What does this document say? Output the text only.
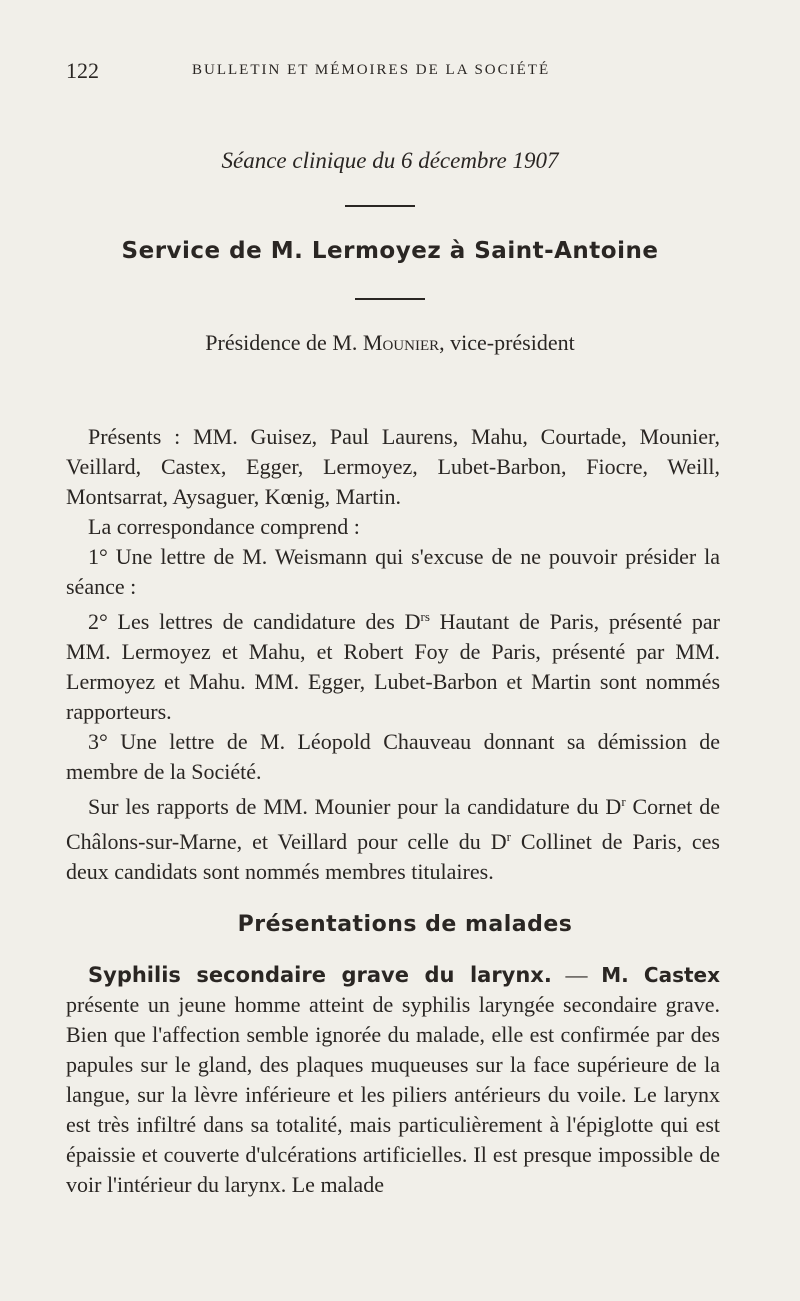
122	BULLETIN ET MÉMOIRES DE LA SOCIÉTÉ
Séance clinique du 6 décembre 1907
Service de M. Lermoyez à Saint-Antoine
Présidence de M. Mounier, vice-président

Présents : MM. Guisez, Paul Laurens, Mahu, Courtade, Mounier, Veillard, Castex, Egger, Lermoyez, Lubet-Barbon, Fiocre, Weill, Montsarrat, Aysaguer, Kœnig, Martin.

La correspondance comprend :

1° Une lettre de M. Weismann qui s'excuse de ne pouvoir présider la séance :

2° Les lettres de candidature des $D^{rs}$ Hautant de Paris, présenté par MM. Lermoyez et Mahu, et Robert Foy de Paris, présenté par MM. Lermoyez et Mahu. MM. Egger, Lubet-Barbon et Martin sont nommés rapporteurs.

3° Une lettre de M. Léopold Chauveau donnant sa démission de membre de la Société.

Sur les rapports de MM. Mounier pour la candidature du $D^r$ Cornet de Châlons-sur-Marne, et Veillard pour celle du $D^r$ Collinet de Paris, ces deux candidats sont nommés membres titulaires.

Présentations de malades

Syphilis secondaire grave du larynx. — M. Castex présente un jeune homme atteint de syphilis laryngée secondaire grave. Bien que l'affection semble ignorée du malade, elle est confirmée par des papules sur le gland, des plaques muqueuses sur la face supérieure de la langue, sur la lèvre inférieure et les piliers antérieurs du voile. Le larynx est très infiltré dans sa totalité, mais particulièrement à l'épiglotte qui est épaissie et couverte d'ulcérations artificielles. Il est presque impossible de voir l'intérieur du larynx. Le malade
